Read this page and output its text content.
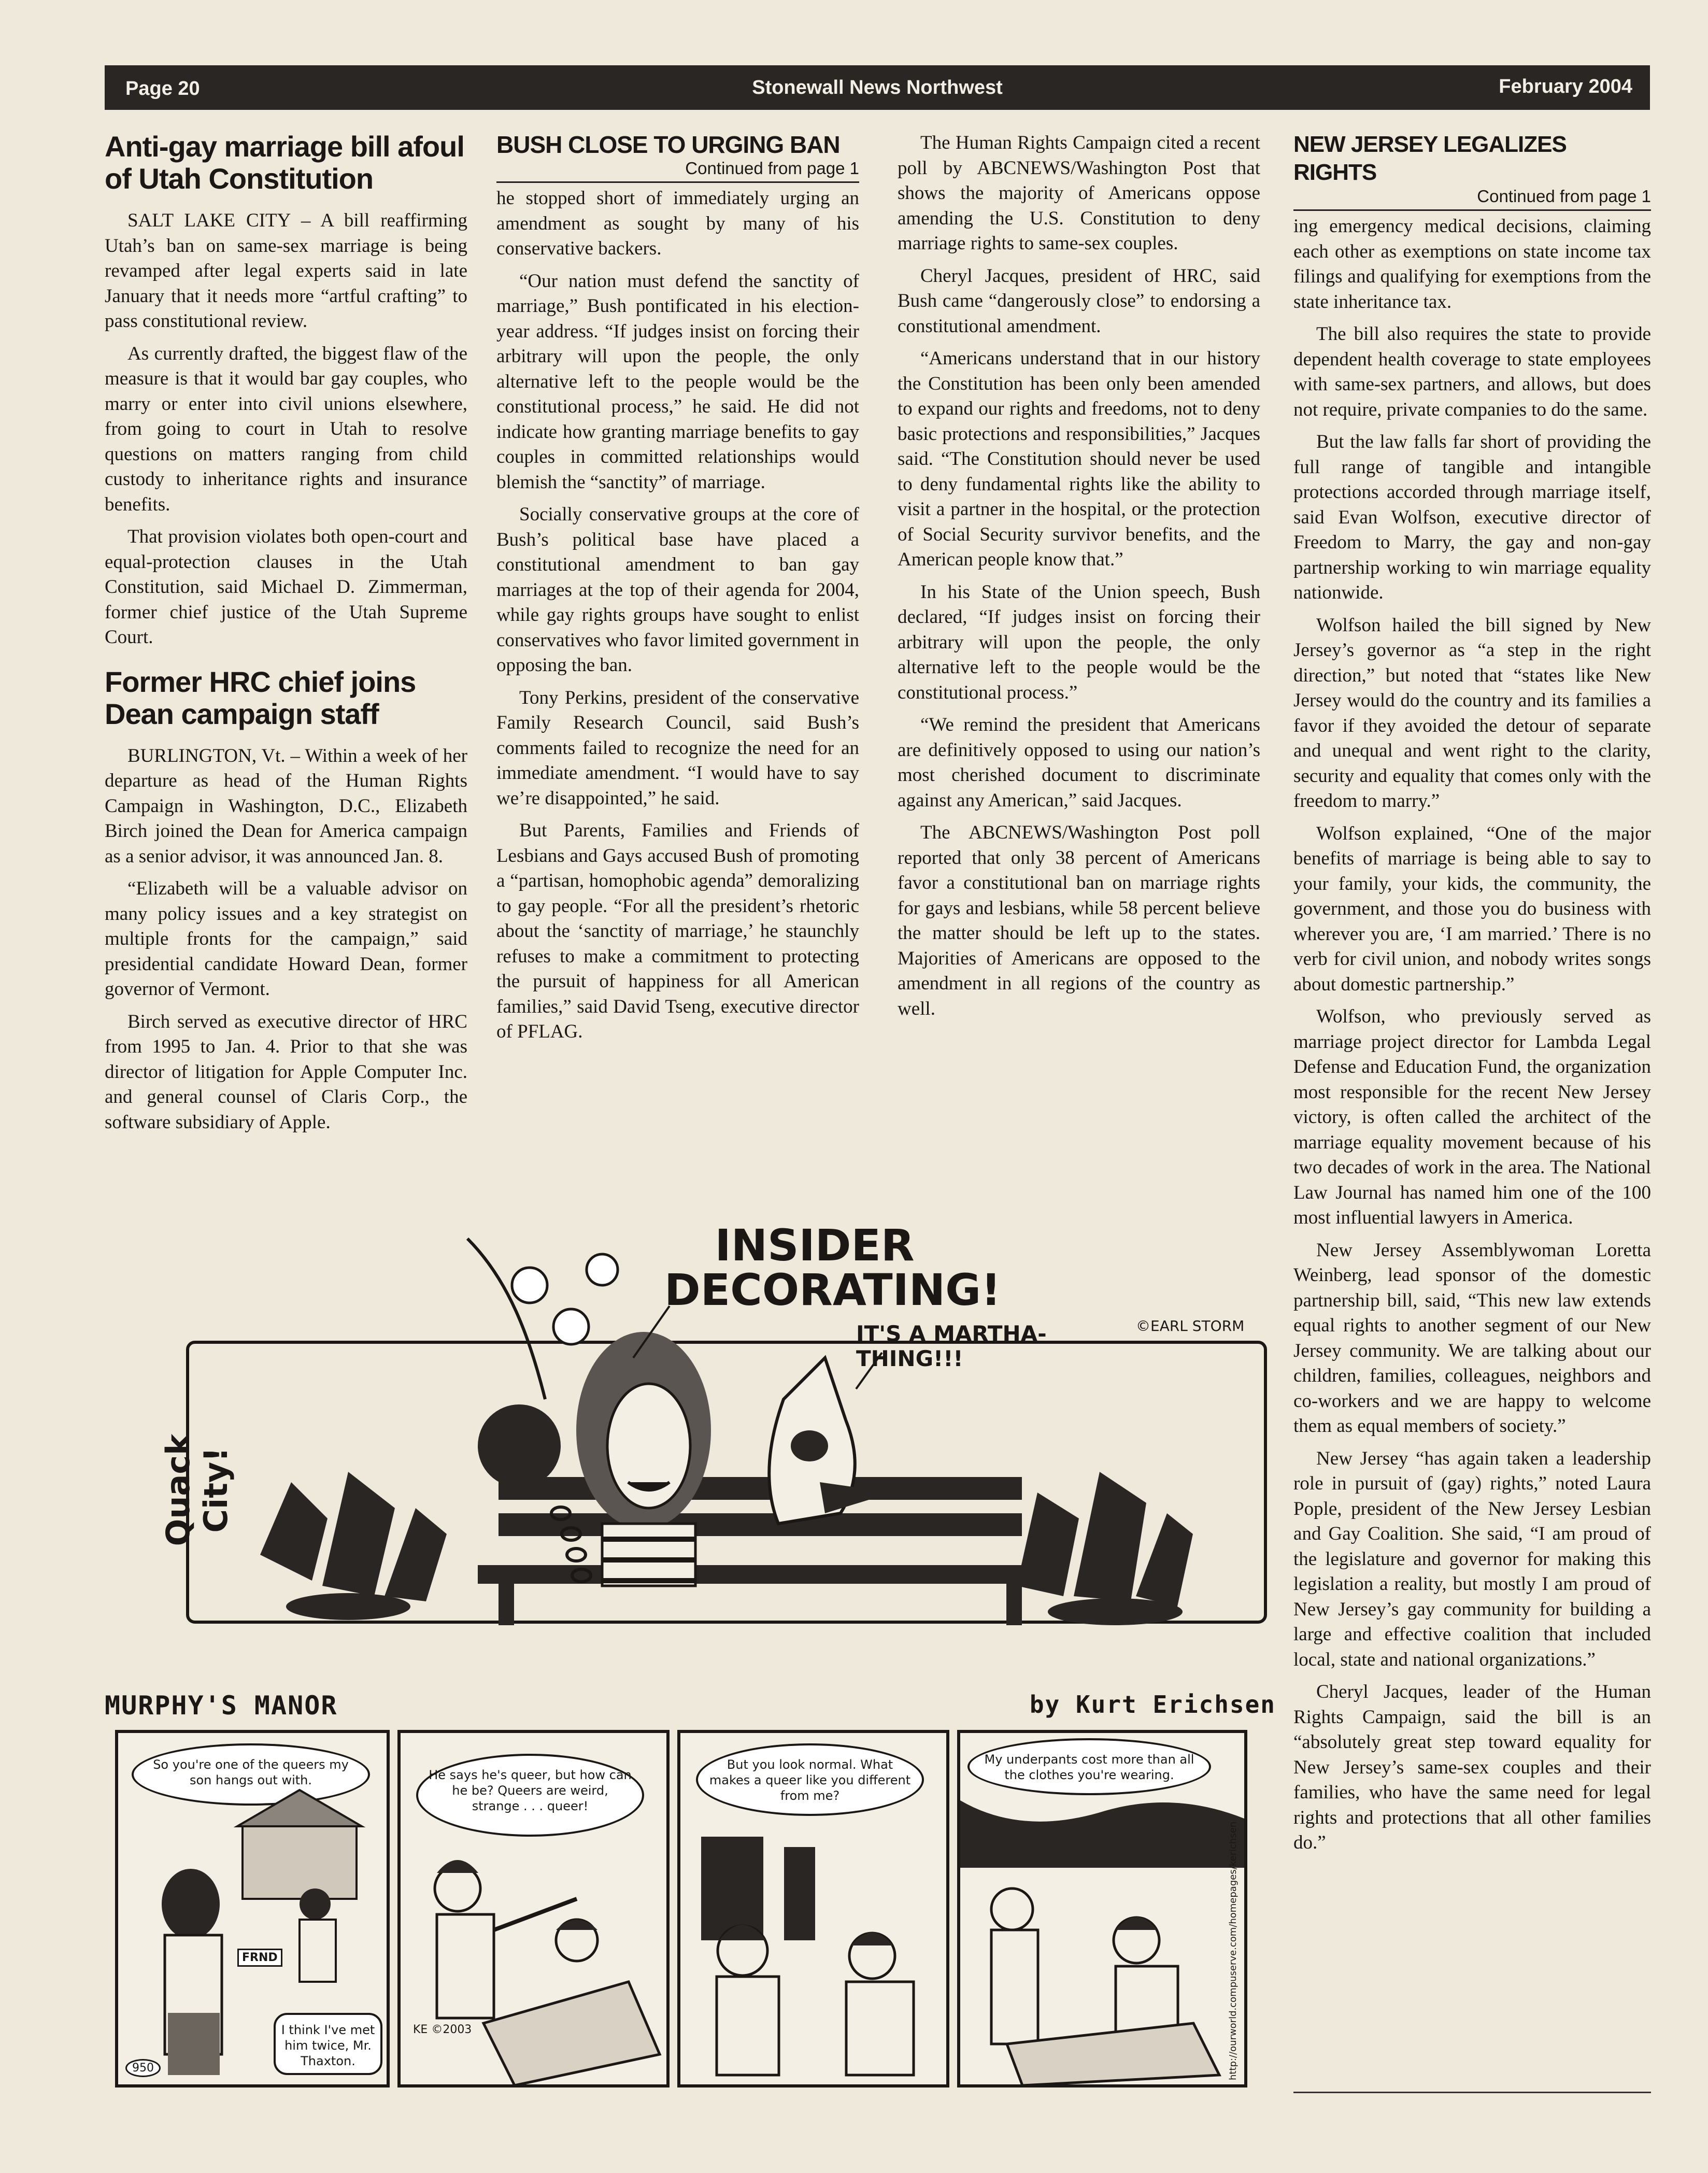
Page 20	Stonewall News Northwest	February 2004
Anti-gay marriage bill afoul of Utah Constitution

SALT LAKE CITY – A bill reaffirming Utah’s ban on same-sex marriage is being revamped after legal experts said in late January that it needs more “artful crafting” to pass constitutional review.

As currently drafted, the biggest flaw of the measure is that it would bar gay couples, who marry or enter into civil unions elsewhere, from going to court in Utah to resolve questions on matters ranging from child custody to inheritance rights and insurance benefits.

That provision violates both open-court and equal-protection clauses in the Utah Constitution, said Michael D. Zimmerman, former chief justice of the Utah Supreme Court.

Former HRC chief joins Dean campaign staff

BURLINGTON, Vt. – Within a week of her departure as head of the Human Rights Campaign in Washington, D.C., Elizabeth Birch joined the Dean for America campaign as a senior advisor, it was announced Jan. 8.

“Elizabeth will be a valuable advisor on many policy issues and a key strategist on multiple fronts for the campaign,” said presidential candidate Howard Dean, former governor of Vermont.

Birch served as executive director of HRC from 1995 to Jan. 4. Prior to that she was director of litigation for Apple Computer Inc. and general counsel of Claris Corp., the software subsidiary of Apple.

BUSH CLOSE TO URGING BAN
Continued from page 1

he stopped short of immediately urging an amendment as sought by many of his conservative backers.

“Our nation must defend the sanctity of marriage,” Bush pontificated in his election-year address. “If judges insist on forcing their arbitrary will upon the people, the only alternative left to the people would be the constitutional process,” he said. He did not indicate how granting marriage benefits to gay couples in committed relationships would blemish the “sanctity” of marriage.

Socially conservative groups at the core of Bush’s political base have placed a constitutional amendment to ban gay marriages at the top of their agenda for 2004, while gay rights groups have sought to enlist conservatives who favor limited government in opposing the ban.

Tony Perkins, president of the conservative Family Research Council, said Bush’s comments failed to recognize the need for an immediate amendment. “I would have to say we’re disappointed,” he said.

But Parents, Families and Friends of Lesbians and Gays accused Bush of promoting a “partisan, homophobic agenda” demoralizing to gay people. “For all the president’s rhetoric about the ‘sanctity of marriage,’ he staunchly refuses to make a commitment to protecting the pursuit of happiness for all American families,” said David Tseng, executive director of PFLAG.

The Human Rights Campaign cited a recent poll by ABCNEWS/Washington Post that shows the majority of Americans oppose amending the U.S. Constitution to deny marriage rights to same-sex couples.

Cheryl Jacques, president of HRC, said Bush came “dangerously close” to endorsing a constitutional amendment.

“Americans understand that in our history the Constitution has been only been amended to expand our rights and freedoms, not to deny basic protections and responsibilities,” Jacques said. “The Constitution should never be used to deny fundamental rights like the ability to visit a partner in the hospital, or the protection of Social Security survivor benefits, and the American people know that.”

In his State of the Union speech, Bush declared, “If judges insist on forcing their arbitrary will upon the people, the only alternative left to the people would be the constitutional process.”

“We remind the president that Americans are definitively opposed to using our nation’s most cherished document to discriminate against any American,” said Jacques.

The ABCNEWS/Washington Post poll reported that only 38 percent of Americans favor a constitutional ban on marriage rights for gays and lesbians, while 58 percent believe the matter should be left up to the states. Majorities of Americans are opposed to the amendment in all regions of the country as well.

NEW JERSEY LEGALIZES RIGHTS
Continued from page 1

ing emergency medical decisions, claiming each other as exemptions on state income tax filings and qualifying for exemptions from the state inheritance tax.

The bill also requires the state to provide dependent health coverage to state employees with same-sex partners, and allows, but does not require, private companies to do the same.

But the law falls far short of providing the full range of tangible and intangible protections accorded through marriage itself, said Evan Wolfson, executive director of Freedom to Marry, the gay and non-gay partnership working to win marriage equality nationwide.

Wolfson hailed the bill signed by New Jersey’s governor as “a step in the right direction,” but noted that “states like New Jersey would do the country and its families a favor if they avoided the detour of separate and unequal and went right to the clarity, security and equality that comes only with the freedom to marry.”

Wolfson explained, “One of the major benefits of marriage is being able to say to your family, your kids, the community, the government, and those you do business with wherever you are, ‘I am married.’ There is no verb for civil union, and nobody writes songs about domestic partnership.”

Wolfson, who previously served as marriage project director for Lambda Legal Defense and Education Fund, the organization most responsible for the recent New Jersey victory, is often called the architect of the marriage equality movement because of his two decades of work in the area. The National Law Journal has named him one of the 100 most influential lawyers in America.

New Jersey Assemblywoman Loretta Weinberg, lead sponsor of the domestic partnership bill, said, “This new law extends equal rights to another segment of our New Jersey community. We are talking about our children, families, colleagues, neighbors and co-workers and we are happy to welcome them as equal members of society.”

New Jersey “has again taken a leadership role in pursuit of (gay) rights,” noted Laura Pople, president of the New Jersey Lesbian and Gay Coalition. She said, “I am proud of the legislature and governor for making this legislation a reality, but mostly I am proud of New Jersey’s gay community for building a large and effective coalition that included local, state and national organizations.”

Cheryl Jacques, leader of the Human Rights Campaign, said the bill is an “absolutely great step toward equality for New Jersey’s same-sex couples and their families, who have the same need for legal rights and protections that all other families do.”

INSIDER DECORATING!
IT'S A MARTHA-THING!!!
©EARL STORM
Quack City!
MURPHY'S MANOR	by Kurt Erichsen
So you're one of the queers my son hangs out with.
FRND
I think I've met him twice, Mr. Thaxton.
950
He says he's queer, but how can he be? Queers are weird, strange . . . queer!
KE ©2003
But you look normal. What makes a queer like you different from me?
My underpants cost more than all the clothes you're wearing.
http://ourworld.compuserve.com/homepages/kerichsen
